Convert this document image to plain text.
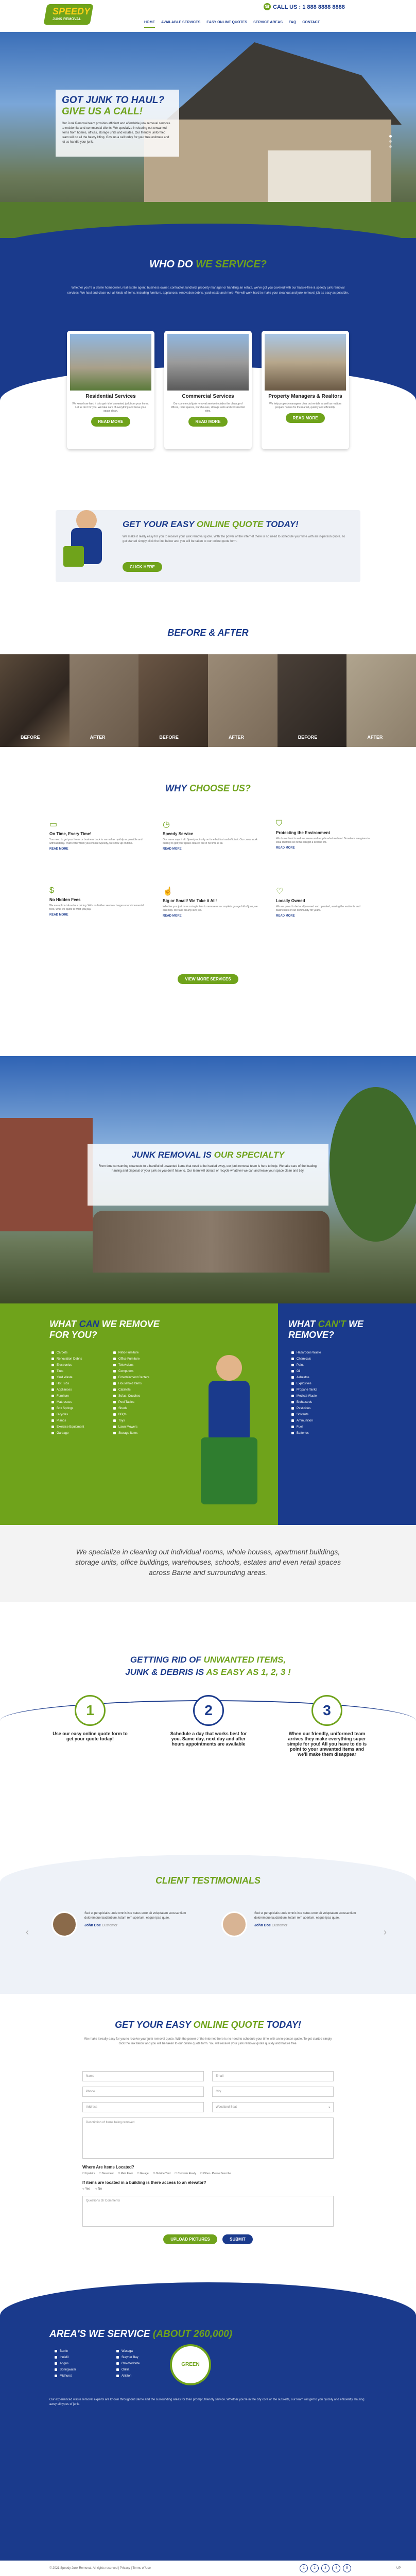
SPEEDY
JUNK REMOVAL
☎ CALL US : 1 888 8888 8888
HOME AVAILABLE SERVICES EASY ONLINE QUOTES SERVICE AREAS FAQ CONTACT
GOT JUNK TO HAUL?
GIVE US A CALL!
Our Junk Removal team provides efficient and affordable junk removal services to residential and commercial clients. We specialize in clearing out unwanted items from homes, offices, storage units and estates. Our friendly uniformed team will do all the heavy lifting. Give us a call today for your free estimate and let us handle your junk.
WHO DO WE SERVICE?
Whether you're a Barrie homeowner, real estate agent, business owner, contractor, landlord, property manager or handling an estate, we've got you covered with our hassle-free & speedy junk removal services. We haul and clean-out all kinds of items, including furniture, appliances, renovation debris, yard waste and more. We will work hard to make your cleanout and junk removal job as easy as possible.
Residential Services
We know how hard it is to get rid of unwanted junk from your home. Let us do it for you. We take care of everything and leave your space clean.
READ MORE
Commercial Services
Our commercial junk removal service includes the cleanup of offices, retail spaces, warehouses, storage units and construction sites.
READ MORE
Property Managers & Realtors
We help property managers clear out rentals as well as realtors prepare homes for the market, quickly and efficiently.
READ MORE
GET YOUR EASY ONLINE QUOTE TODAY!
We make it really easy for you to receive your junk removal quote. With the power of the internet there is no need to schedule your time with an in-person quote. To get started simply click the link below and you will be taken to our online quote form.
CLICK HERE
BEFORE & AFTER
BEFORE	AFTER	BEFORE	AFTER	BEFORE	AFTER
WHY CHOOSE US?
▭
On Time, Every Time!
You need to get your home or business back to normal as quickly as possible and without delay. That's why when you choose Speedy, we show up on time.
READ MORE
◷
Speedy Service
Our name says it all. Speedy not only on time but fast and efficient. Our crews work quickly to get your space cleared out in no time at all.
READ MORE
⛉
Protecting the Environment
We do our best to reduce, reuse and recycle what we haul. Donations are given to local charities so items can get a second life.
READ MORE
$
No Hidden Fees
We are upfront about our pricing. With no hidden service charges or environmental fees, what we quote is what you pay.
READ MORE
☝
Big or Small! We Take it All!
Whether you just have a single item to remove or a complete garage full of junk, we can help. We take on any size job.
READ MORE
♡
Locally Owned
We are proud to be locally owned and operated, serving the residents and businesses of our community for years.
READ MORE
VIEW MORE SERVICES
JUNK REMOVAL IS OUR SPECIALTY
From time consuming cleanouts to a handful of unwanted items that need to be hauled away, our junk removal team is here to help. We take care of the loading, hauling and disposal of your junk so you don't have to. Our team will donate or recycle whatever we can and leave your space clean and tidy.
WHAT CAN WE REMOVE FOR YOU?
Carpets
Renovation Debris
Electronics
Tires
Yard Waste
Hot Tubs
Appliances
Furniture
Mattresses
Box Springs
Bicycles
Pianos
Exercise Equipment
Garbage
Patio Furniture
Office Furniture
Televisions
Computers
Entertainment Centers
Household Items
Cabinets
Sofas, Couches
Pool Tables
Sheds
BBQs
Toys
Lawn Mowers
Storage Items
WHAT CAN'T WE REMOVE?
Hazardous Waste
Chemicals
Paint
Oil
Asbestos
Explosives
Propane Tanks
Medical Waste
Biohazards
Pesticides
Solvents
Ammunition
Fuel
Batteries
We specialize in cleaning out individual rooms, whole houses, apartment buildings, storage units, office buildings, warehouses, schools, estates and even retail spaces across Barrie and surrounding areas.
GETTING RID OF UNWANTED ITEMS,
JUNK & DEBRIS IS AS EASY AS 1, 2, 3 !
1
Use our easy online quote form to get your quote today!
2
Schedule a day that works best for you. Same day, next day and after hours appointments are available
3
When our friendly, uniformed team arrives they make everything super simple for you! All you have to do is point to your unwanted items and we'll make them disappear
CLIENT TESTIMONIALS
‹	›
Sed ut perspiciatis unde omnis iste natus error sit voluptatem accusantium doloremque laudantium, totam rem aperiam, eaque ipsa quae.
John Doe Customer
Sed ut perspiciatis unde omnis iste natus error sit voluptatem accusantium doloremque laudantium, totam rem aperiam, eaque ipsa quae.
John Doe Customer
GET YOUR EASY ONLINE QUOTE TODAY!
We make it really easy for you to receive your junk removal quote. With the power of the internet there is no need to schedule your time with an in-person quote. To get started simply click the link below and you will be taken to our online quote form. You will receive your junk removal quote quickly and hassle free.
Name	Email
Phone	City
Address	Woodland Seat	▾
Description of Items being removed
Where Are Items Located?
☐ Upstairs ☐ Basement ☐ Main Floor ☐ Garage ☐ Outside Yard ☐ Curbside Ready ☐ Other - Please Describe
If items are located in a building is there access to an elevator?
○ Yes ○ No
Questions Or Comments
UPLOAD PICTURES	SUBMIT
AREA'S WE SERVICE (ABOUT 260,000)
Barrie
Innisfil
Angus
Springwater
Midhurst
Wasaga
Stayner Bay
Oro-Medonte
Orillia
Alliston
GREEN
Our experienced waste removal experts are known throughout Barrie and the surrounding areas for their prompt, friendly service. Whether you're in the city core or the outskirts, our team will get to you quickly and efficiently, hauling away all types of junk.
© 2021 Speedy Junk Removal. All rights reserved | Privacy | Terms of Use	1	2	3	4	5	UP
